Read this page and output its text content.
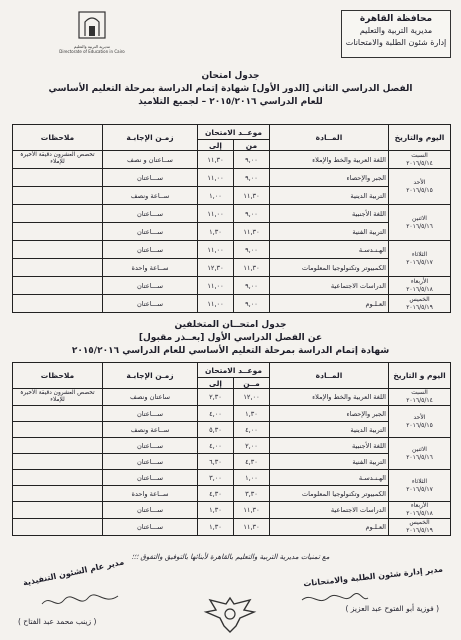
محافظة القاهرة
مديرية التربية والتعليم
إدارة شئون الطلبة والامتحانات
مديرية التربية والتعليم
Directorate of Education in Cairo
جدول امتحان
الفصل الدراسي الثاني [الدور الأول] شهادة إتمام الدراسة بمرحلة التعليم الأساسي
للعام الدراسي ٢٠١٥/٢٠١٦ – لجميع التلاميذ
اليوم والتاريخ	المــادة	موعــد الامتحان		زمـن الإجابـة	ملاحظات
		من	إلى		

السبت
٢٠١٦/٥/١٤	اللغة العربية والخط والإملاء	٩,٠٠	١١,٣٠	ســاعتان و نصف	تخصص العشرون دقيقة الأخيرة للإملاء

الأحد
٢٠١٦/٥/١٥	الجبر والإحصاء	٩,٠٠	١١,٠٠	ســـاعتان	
	التربية الدينية	١١,٣٠	١,٠٠	ســاعة ونصف	

الاثنين
٢٠١٦/٥/١٦	اللغة الأجنبية	٩,٠٠	١١,٠٠	ســـاعتان	
	التربية الفنية	١١,٣٠	١,٣٠	ســـاعتان	

الثلاثاء
٢٠١٦/٥/١٧	الهـنـدسـة	٩,٠٠	١١,٠٠	ســـاعتان	
	الكمبيوتر وتكنولوجيا المعلومات	١١,٣٠	١٢,٣٠	ســاعة واحدة	

الأربعاء
٢٠١٦/٥/١٨	الدراسات الاجتماعية	٩,٠٠	١١,٠٠	ســـاعتان	

الخميس
٢٠١٦/٥/١٩	العـلـوم	٩,٠٠	١١,٠٠	ســـاعتان	
جدول امتحــان المتخلفين
عن الفصل الدراسي الأول [بعــذر مقبول]
شهادة إتمام الدراسة بمرحلة التعليم الأساسي للعام الدراسي ٢٠١٥/٢٠١٦
اليوم و التاريخ	المــادة	موعــد الامتحان		زمـن الإجابـة	ملاحظات
		مــن	إلى		

السبت
٢٠١٦/٥/١٤	اللغة العربية والخط والإملاء	١٢,٠٠	٢,٣٠	ساعتان ونصف	تخصص العشرون دقيقة الأخيرة للإملاء

الأحد
٢٠١٦/٥/١٥	الجبر والإحصاء	١,٣٠	٤,٠٠	ســـاعتان	
	التربية الدينية	٤,٠٠	٥,٣٠	ســاعة ونصف	

الاثنين
٢٠١٦/٥/١٦	اللغة الأجنبية	٢,٠٠	٤,٠٠	ســـاعتان	
	التربية الفنية	٤,٣٠	٦,٣٠	ســـاعتان	

الثلاثاء
٢٠١٦/٥/١٧	الهـنـدسـة	١,٠٠	٣,٠٠	ســـاعتان	
	الكمبيوتر وتكنولوجيا المعلومات	٣,٣٠	٤,٣٠	ســاعة واحدة	

الأربعاء
٢٠١٦/٥/١٨	الدراسات الاجتماعية	١١,٣٠	١,٣٠	ســـاعتان	

الخميس
٢٠١٦/٥/١٩	العـلـوم	١١,٣٠	١,٣٠	ســـاعتان	
مع تمنيات مديرية التربية والتعليم بالقاهرة لأبنائها بالتوفيق والتفوق ؛؛؛
مدير إدارة شئون الطلبة والامتحانات
( فوزية أبو الفتوح عبد العزيز )
مدير عام الشئون التنفيذية
( زينب محمد عبد الفتاح )
